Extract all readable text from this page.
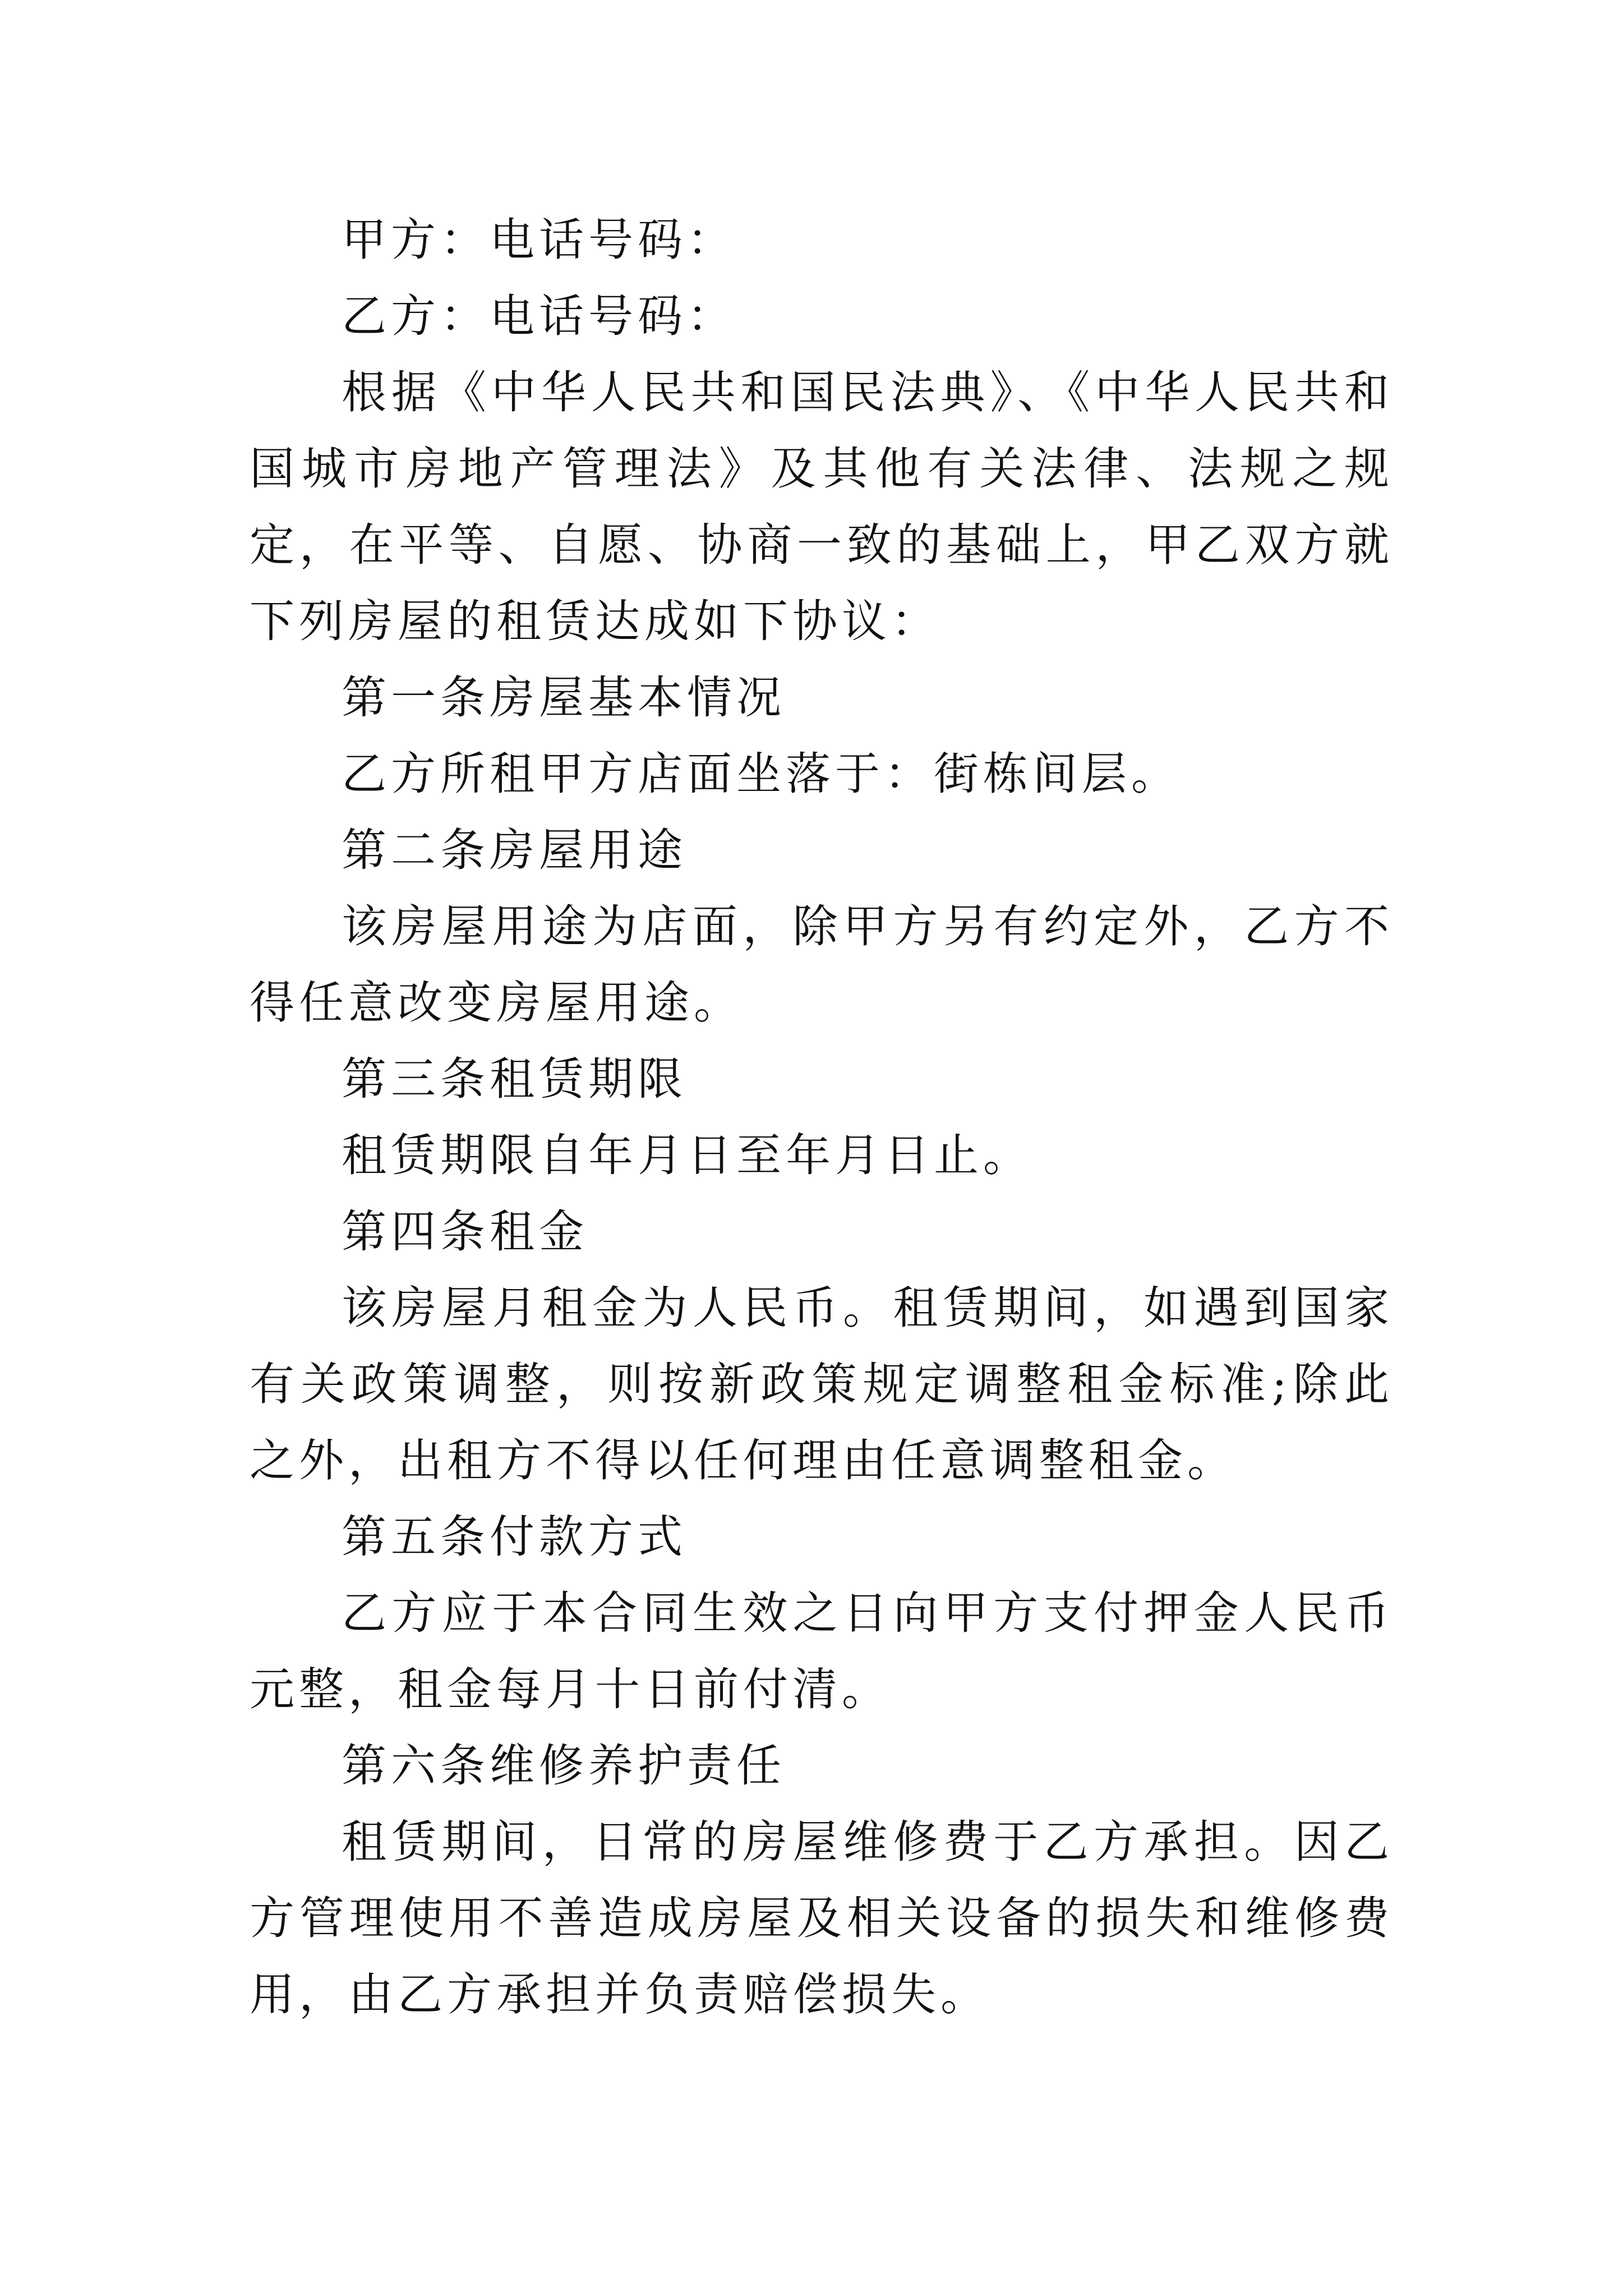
甲方：电话号码：

乙方：电话号码：

根据《中华人民共和国民法典》、《中华人民共和国城市房地产管理法》及其他有关法律、法规之规定，在平等、自愿、协商一致的基础上，甲乙双方就下列房屋的租赁达成如下协议：

第一条房屋基本情况

乙方所租甲方店面坐落于：街栋间层。

第二条房屋用途

该房屋用途为店面，除甲方另有约定外，乙方不得任意改变房屋用途。

第三条租赁期限

租赁期限自年月日至年月日止。

第四条租金

该房屋月租金为人民币。租赁期间，如遇到国家有关政策调整，则按新政策规定调整租金标准;除此之外，出租方不得以任何理由任意调整租金。

第五条付款方式

乙方应于本合同生效之日向甲方支付押金人民币元整，租金每月十日前付清。

第六条维修养护责任

租赁期间，日常的房屋维修费于乙方承担。因乙方管理使用不善造成房屋及相关设备的损失和维修费用，由乙方承担并负责赔偿损失。
